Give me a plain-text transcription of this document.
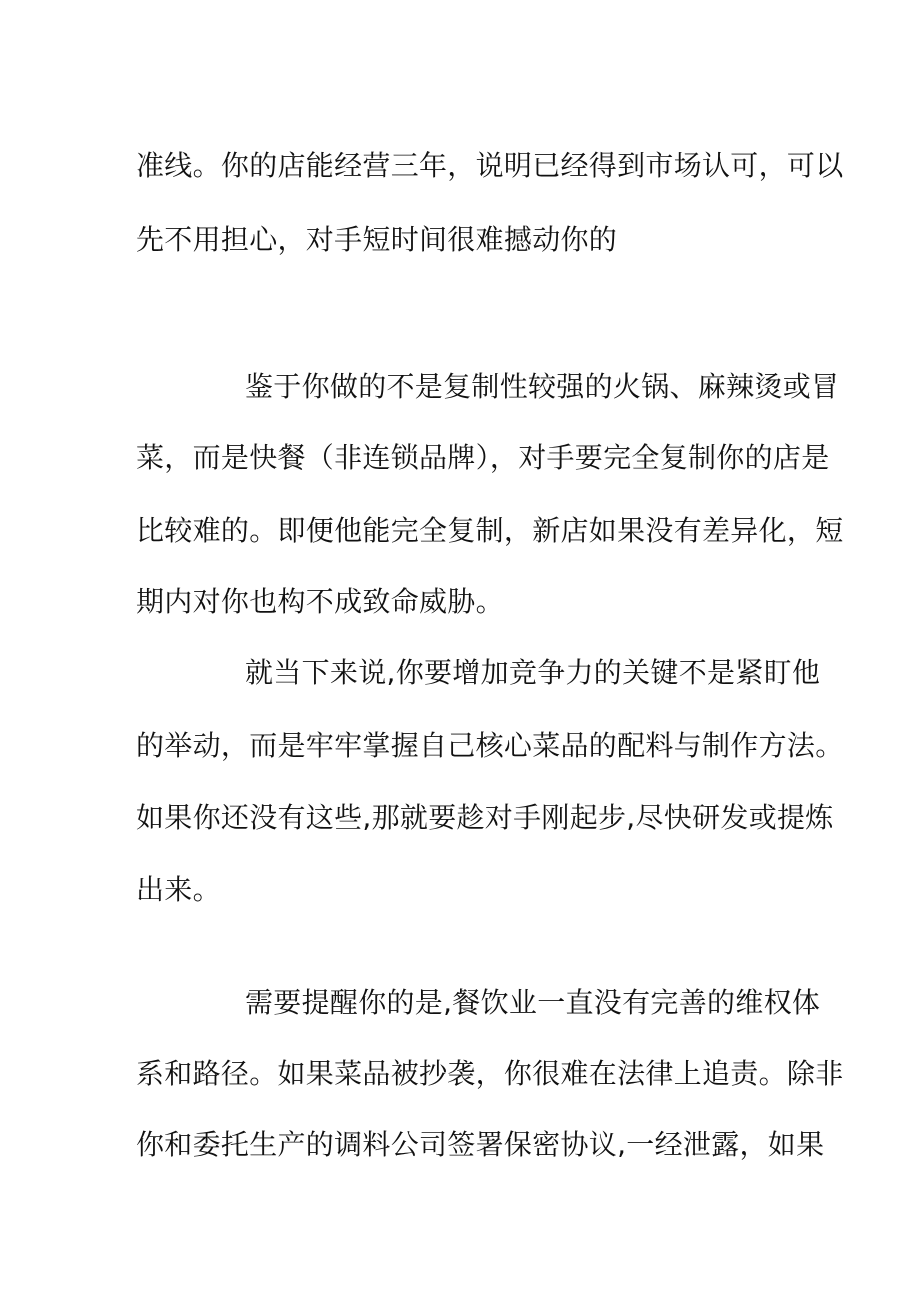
准线。你的店能经营三年，说明已经得到市场认可，可以
先不用担心，对手短时间很难撼动你的
鉴于你做的不是复制性较强的火锅、麻辣烫或冒
菜，而是快餐（非连锁品牌），对手要完全复制你的店是
比较难的。即便他能完全复制，新店如果没有差异化，短
期内对你也构不成致命威胁。
就当下来说,你要增加竞争力的关键不是紧盯他
的举动，而是牢牢掌握自己核心菜品的配料与制作方法。
如果你还没有这些,那就要趁对手刚起步,尽快研发或提炼
出来。
需要提醒你的是,餐饮业一直没有完善的维权体
系和路径。如果菜品被抄袭，你很难在法律上追责。除非
你和委托生产的调料公司签署保密协议,一经泄露，如果
